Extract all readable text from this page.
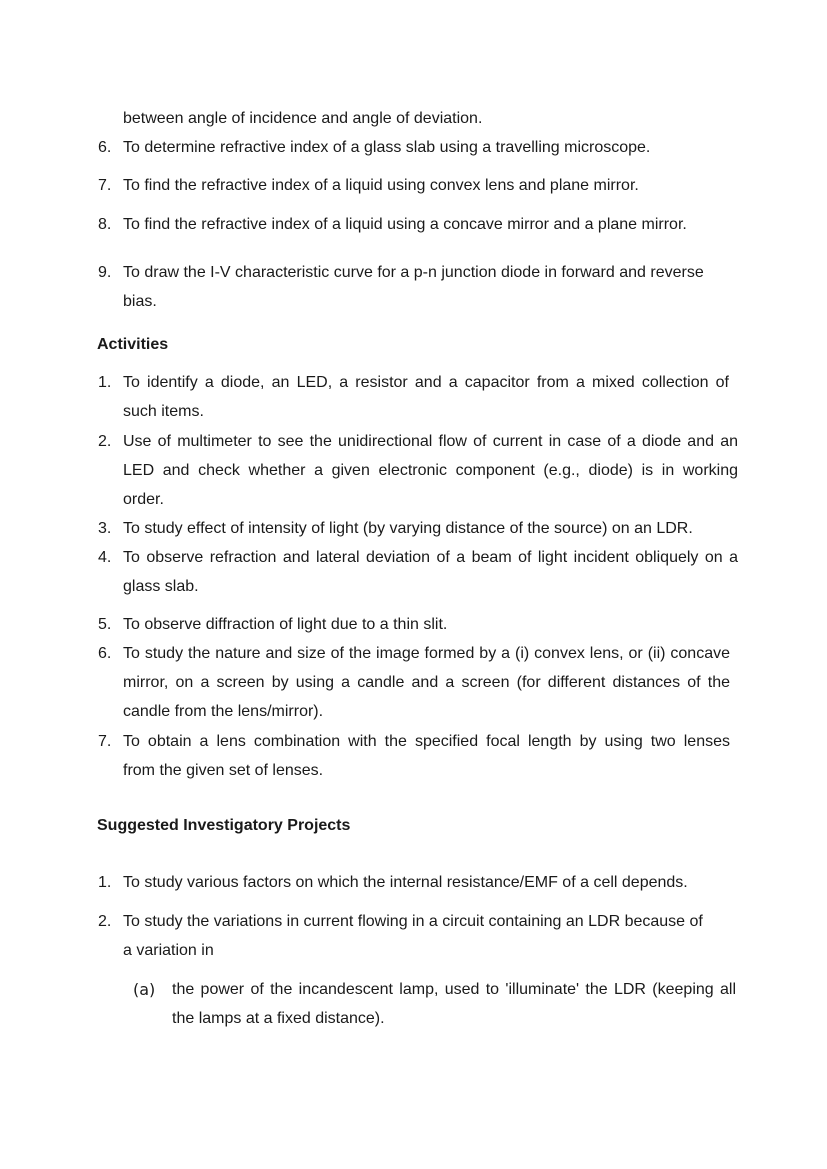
between angle of incidence and angle of deviation.
6. To determine refractive index of a glass slab using a travelling microscope.
7. To find the refractive index of a liquid using convex lens and plane mirror.
8. To find the refractive index of a liquid using a concave mirror and a plane mirror.
9. To draw the I-V characteristic curve for a p-n junction diode in forward and reverse
bias.
Activities
1. To identify a diode, an LED, a resistor and a capacitor from a mixed collection of
such items.
2. Use of multimeter to see the unidirectional flow of current in case of a diode and an
LED and check whether a given electronic component (e.g., diode) is in working
order.
3. To study effect of intensity of light (by varying distance of the source) on an LDR.
4. To observe refraction and lateral deviation of a beam of light incident obliquely on a
glass slab.
5. To observe diffraction of light due to a thin slit.
6. To study the nature and size of the image formed by a (i) convex lens, or (ii) concave
mirror, on a screen by using a candle and a screen (for different distances of the
candle from the lens/mirror).
7. To obtain a lens combination with the specified focal length by using two lenses
from the given set of lenses.
Suggested Investigatory Projects
1. To study various factors on which the internal resistance/EMF of a cell depends.
2. To study the variations in current flowing in a circuit containing an LDR because of
a variation in
(a) the power of the incandescent lamp, used to 'illuminate' the LDR (keeping all
the lamps at a fixed distance).
